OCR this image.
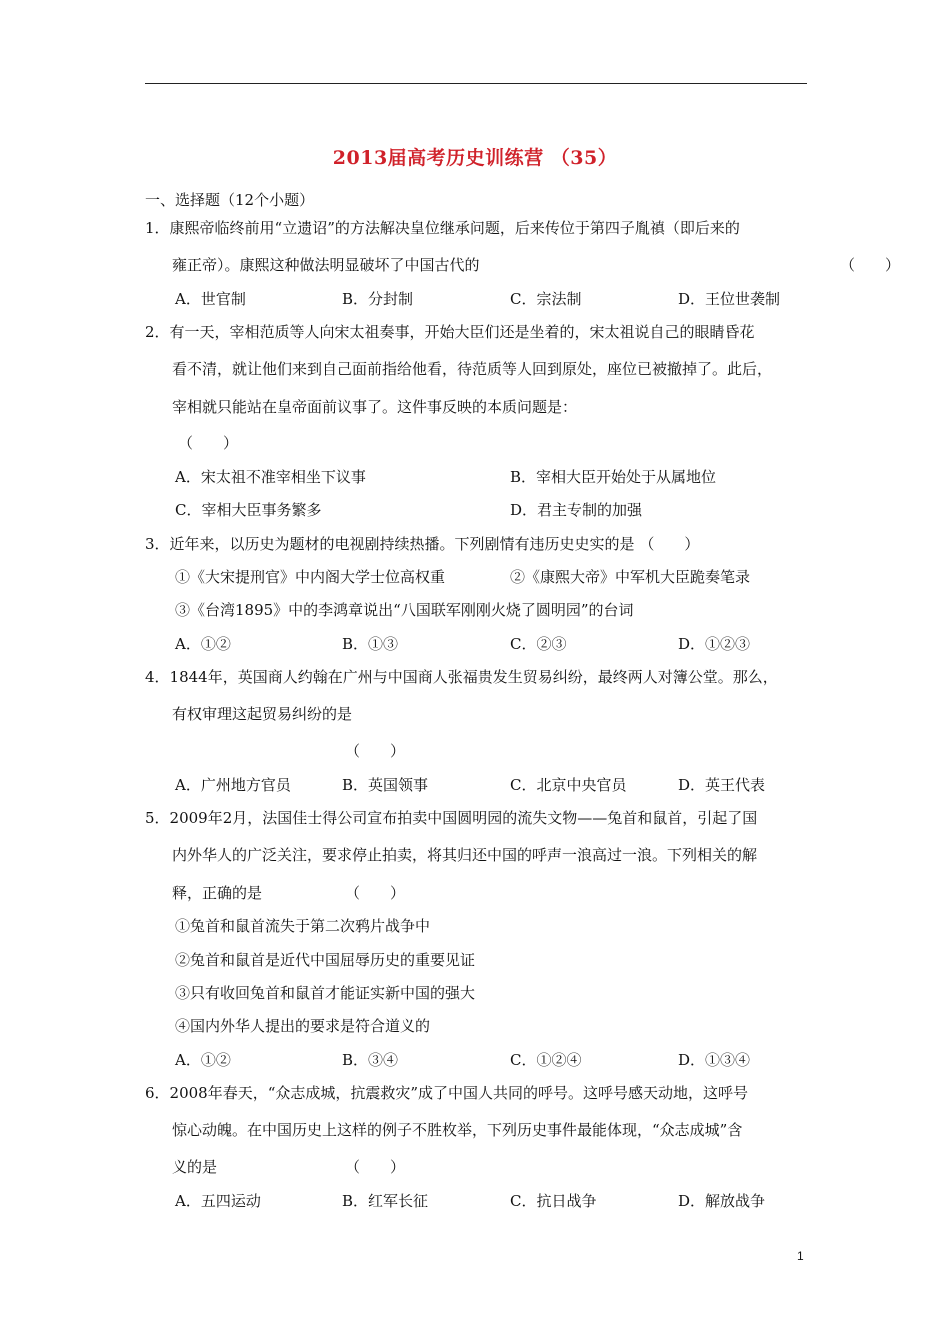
2013届高考历史训练营 （35）
一、选择题（12个小题）
1．康熙帝临终前用“立遗诏”的方法解决皇位继承问题，后来传位于第四子胤禛（即后来的
雍正帝）。康熙这种做法明显破坏了中国古代的	（　　）
A．世官制	B．分封制	C．宗法制	D．王位世袭制
2．有一天，宰相范质等人向宋太祖奏事，开始大臣们还是坐着的，宋太祖说自己的眼睛昏花
看不清，就让他们来到自己面前指给他看，待范质等人回到原处，座位已被撤掉了。此后，
宰相就只能站在皇帝面前议事了。这件事反映的本质问题是：
（　　）
A．宋太祖不准宰相坐下议事	B．宰相大臣开始处于从属地位
C．宰相大臣事务繁多	D．君主专制的加强
3．近年来，以历史为题材的电视剧持续热播。下列剧情有违历史史实的是 （　　）
①《大宋提刑官》中内阁大学士位高权重	②《康熙大帝》中军机大臣跪奏笔录
③《台湾1895》中的李鸿章说出“八国联军刚刚火烧了圆明园”的台词
A．①②	B．①③	C．②③	D．①②③
4．1844年，英国商人约翰在广州与中国商人张福贵发生贸易纠纷，最终两人对簿公堂。那么，
有权审理这起贸易纠纷的是
（　　）
A．广州地方官员	B．英国领事	C．北京中央官员	D．英王代表
5．2009年2月，法国佳士得公司宣布拍卖中国圆明园的流失文物——兔首和鼠首，引起了国
内外华人的广泛关注，要求停止拍卖，将其归还中国的呼声一浪高过一浪。下列相关的解
释，正确的是	（　　）
①兔首和鼠首流失于第二次鸦片战争中
②兔首和鼠首是近代中国屈辱历史的重要见证
③只有收回兔首和鼠首才能证实新中国的强大
④国内外华人提出的要求是符合道义的
A．①②	B．③④	C．①②④	D．①③④
6．2008年春天，“众志成城，抗震救灾”成了中国人共同的呼号。这呼号感天动地，这呼号
惊心动魄。在中国历史上这样的例子不胜枚举，下列历史事件最能体现，“众志成城”含
义的是	（　　）
A．五四运动	B．红军长征	C．抗日战争	D．解放战争
1
